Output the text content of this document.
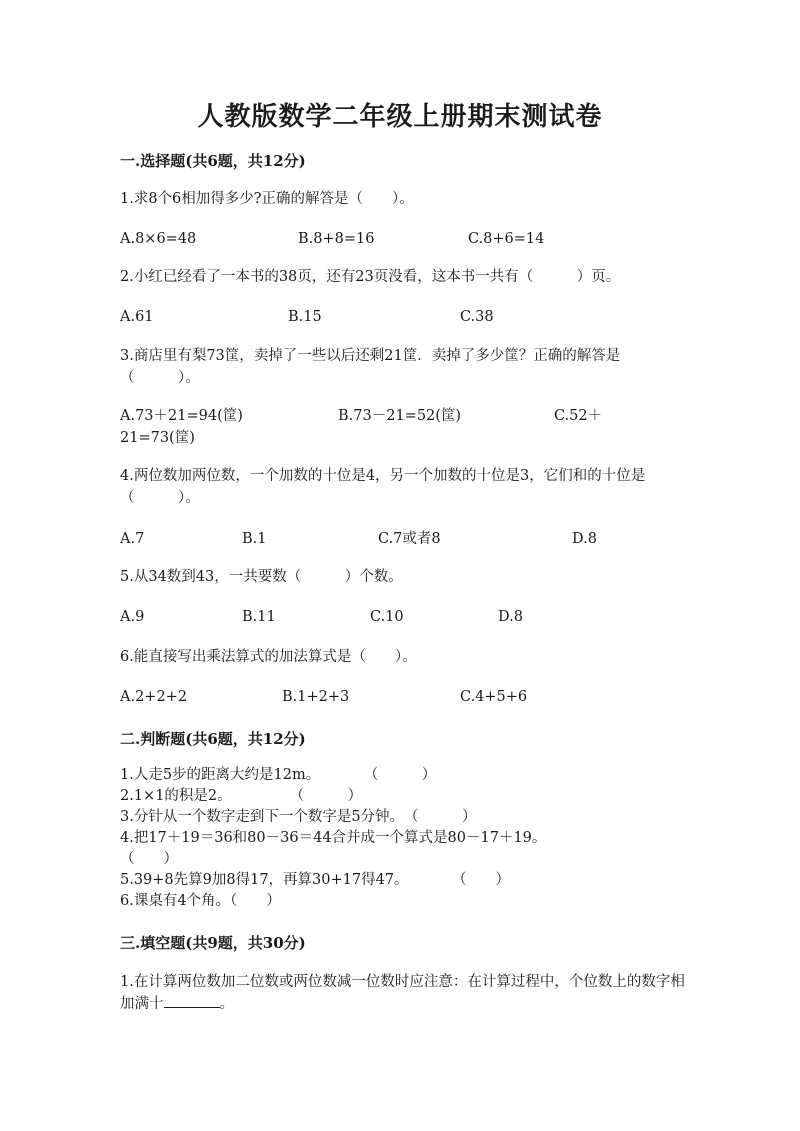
人教版数学二年级上册期末测试卷
一.选择题(共6题，共12分)
1.求8个6相加得多少?正确的解答是（　　）。
A.8×6=48	B.8+8=16	C.8+6=14
2.小红已经看了一本书的38页，还有23页没看，这本书一共有（　　　）页。
A.61	B.15	C.38
3.商店里有梨73筐，卖掉了一些以后还剩21筐．卖掉了多少筐？正确的解答是（　　　）。
A.73＋21=94(筐)	B.73－21=52(筐)	C.52＋
21=73(筐)
4.两位数加两位数，一个加数的十位是4，另一个加数的十位是3，它们和的十位是（　　　）。
A.7	B.1	C.7或者8	D.8
5.从34数到43，一共要数（　　　）个数。
A.9	B.11	C.10	D.8
6.能直接写出乘法算式的加法算式是（　　）。
A.2+2+2	B.1+2+3	C.4+5+6
二.判断题(共6题，共12分)
1.人走5步的距离大约是12m。　　　　（　　　）
2.1×1的积是2。　　　　　（　　　）
3.分针从一个数字走到下一个数字是5分钟。　（　　　）
4.把17＋19＝36和80－36＝44合并成一个算式是80－17＋19。
（　　）
5.39+8先算9加8得17，再算30+17得47。　　　　（　　）
6.课桌有4个角。（　　）
三.填空题(共9题，共30分)
1.在计算两位数加二位数或两位数减一位数时应注意：在计算过程中，个位数上的数字相加满十	。
